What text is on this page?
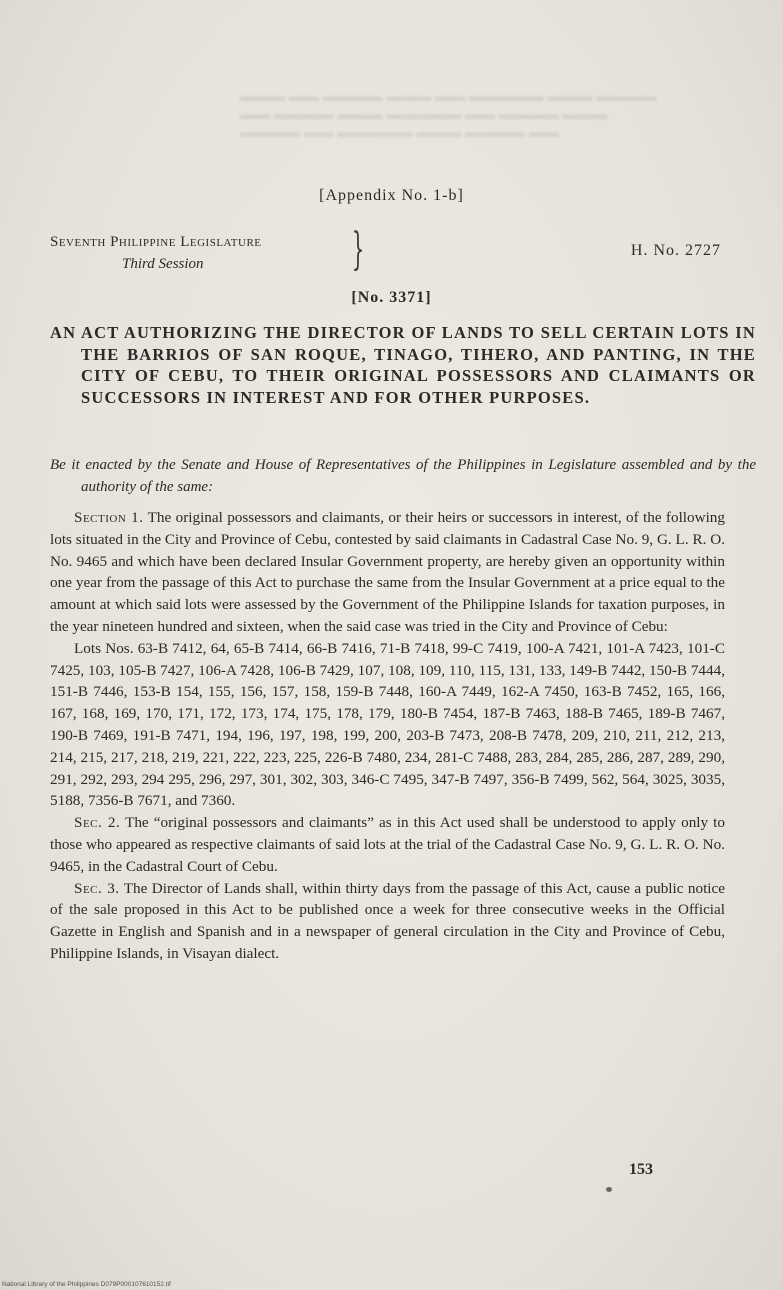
▬▬▬ ▬▬ ▬▬▬▬ ▬▬▬ ▬▬ ▬▬▬▬▬ ▬▬▬ ▬▬▬▬
▬▬ ▬▬▬▬ ▬▬▬ ▬▬▬▬▬ ▬▬ ▬▬▬▬ ▬▬▬
▬▬▬▬ ▬▬ ▬▬▬▬▬ ▬▬▬ ▬▬▬▬ ▬▬
[Appendix No. 1-b]
Seventh Philippine Legislature
Third Session	}	H. No. 2727
[No. 3371]
AN ACT AUTHORIZING THE DIRECTOR OF LANDS TO SELL CERTAIN LOTS IN THE BARRIOS OF SAN ROQUE, TINAGO, TIHERO, AND PANTING, IN THE CITY OF CEBU, TO THEIR ORIGINAL POSSESSORS AND CLAIMANTS OR SUCCESSORS IN INTEREST AND FOR OTHER PURPOSES.
Be it enacted by the Senate and House of Representatives of the Philippines in Legislature assembled and by the authority of the same:

Section 1. The original possessors and claimants, or their heirs or successors in interest, of the following lots situated in the City and Province of Cebu, contested by said claimants in Cadastral Case No. 9, G. L. R. O. No. 9465 and which have been declared Insular Government property, are hereby given an opportunity within one year from the passage of this Act to purchase the same from the Insular Government at a price equal to the amount at which said lots were assessed by the Government of the Philippine Islands for taxation purposes, in the year nineteen hundred and sixteen, when the said case was tried in the City and Province of Cebu:

Lots Nos. 63-B 7412, 64, 65-B 7414, 66-B 7416, 71-B 7418, 99-C 7419, 100-A 7421, 101-A 7423, 101-C 7425, 103, 105-B 7427, 106-A 7428, 106-B 7429, 107, 108, 109, 110, 115, 131, 133, 149-B 7442, 150-B 7444, 151-B 7446, 153-B 154, 155, 156, 157, 158, 159-B 7448, 160-A 7449, 162-A 7450, 163-B 7452, 165, 166, 167, 168, 169, 170, 171, 172, 173, 174, 175, 178, 179, 180-B 7454, 187-B 7463, 188-B 7465, 189-B 7467, 190-B 7469, 191-B 7471, 194, 196, 197, 198, 199, 200, 203-B 7473, 208-B 7478, 209, 210, 211, 212, 213, 214, 215, 217, 218, 219, 221, 222, 223, 225, 226-B 7480, 234, 281-C 7488, 283, 284, 285, 286, 287, 289, 290, 291, 292, 293, 294 295, 296, 297, 301, 302, 303, 346-C 7495, 347-B 7497, 356-B 7499, 562, 564, 3025, 3035, 5188, 7356-B 7671, and 7360.

Sec. 2. The “original possessors and claimants” as in this Act used shall be understood to apply only to those who appeared as respective claimants of said lots at the trial of the Cadastral Case No. 9, G. L. R. O. No. 9465, in the Cadastral Court of Cebu.

Sec. 3. The Director of Lands shall, within thirty days from the passage of this Act, cause a public notice of the sale proposed in this Act to be published once a week for three consecutive weeks in the Official Gazette in English and Spanish and in a newspaper of general circulation in the City and Province of Cebu, Philippine Islands, in Visayan dialect.

153
National Library of the Philippines D079P000107610152.tif
